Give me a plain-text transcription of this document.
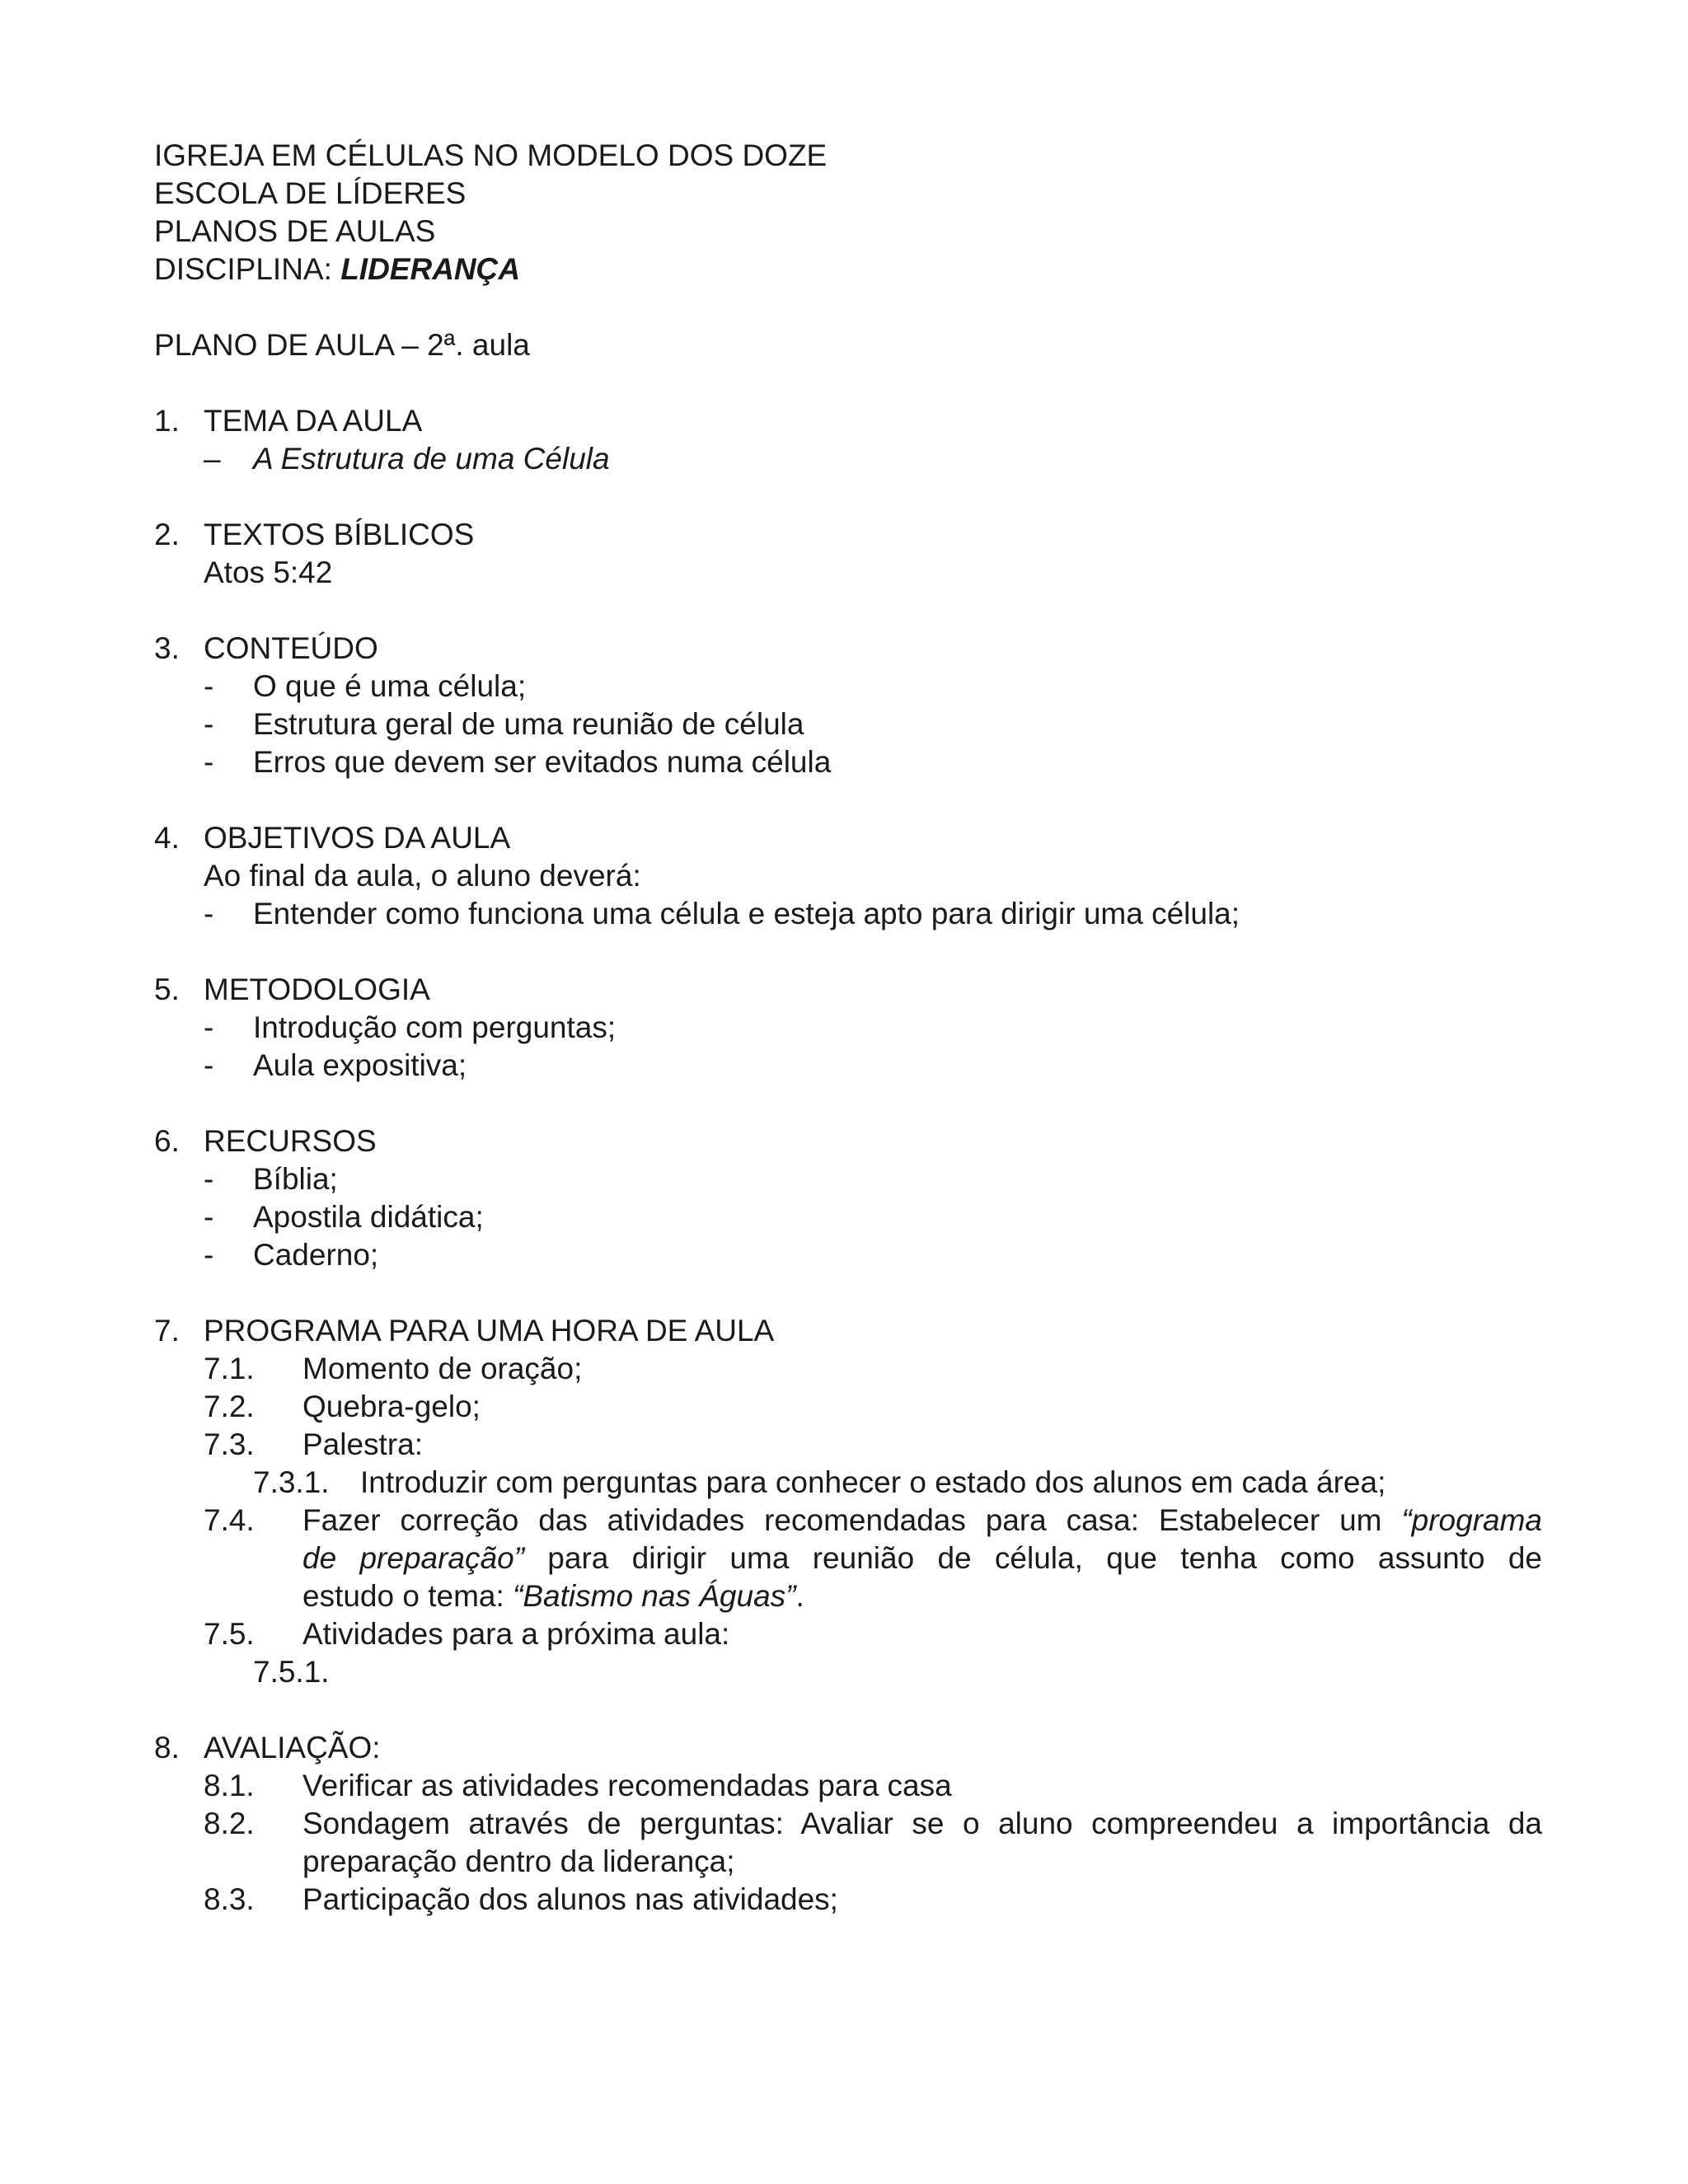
IGREJA EM CÉLULAS NO MODELO DOS DOZE
ESCOLA DE LÍDERES
PLANOS DE AULAS
DISCIPLINA: LIDERANÇA
PLANO DE AULA – 2ª. aula
1. TEMA DA AULA
– A Estrutura de uma Célula
2. TEXTOS BÍBLICOS
Atos 5:42
3. CONTEÚDO
- O que é uma célula;
- Estrutura geral de uma reunião de célula
- Erros que devem ser evitados numa célula
4. OBJETIVOS DA AULA
Ao final da aula, o aluno deverá:
- Entender como funciona uma célula e esteja apto para dirigir uma célula;
5. METODOLOGIA
- Introdução com perguntas;
- Aula expositiva;
6. RECURSOS
- Bíblia;
- Apostila didática;
- Caderno;
7. PROGRAMA PARA UMA HORA DE AULA
7.1. Momento de oração;
7.2. Quebra-gelo;
7.3. Palestra:
7.3.1. Introduzir com perguntas para conhecer o estado dos alunos em cada área;
7.4. Fazer correção das atividades recomendadas para casa: Estabelecer um “programa
de preparação” para dirigir uma reunião de célula, que tenha como assunto de
estudo o tema: “Batismo nas Águas”.
7.5. Atividades para a próxima aula:
7.5.1.
8. AVALIAÇÃO:
8.1. Verificar as atividades recomendadas para casa
8.2. Sondagem através de perguntas: Avaliar se o aluno compreendeu a importância da
preparação dentro da liderança;
8.3. Participação dos alunos nas atividades;
